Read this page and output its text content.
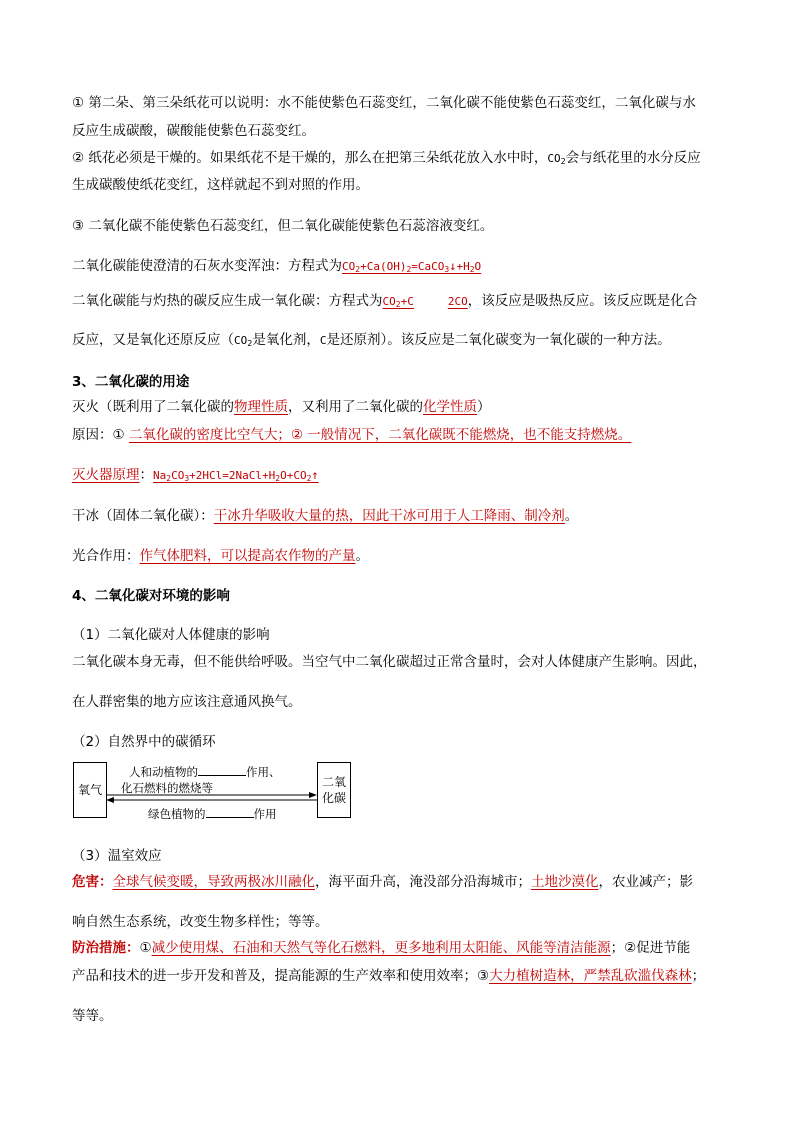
① 第二朵、第三朵纸花可以说明：水不能使紫色石蕊变红，二氧化碳不能使紫色石蕊变红，二氧化碳与水
反应生成碳酸，碳酸能使紫色石蕊变红。
② 纸花必须是干燥的。如果纸花不是干燥的，那么在把第三朵纸花放入水中时，$CO_2$会与纸花里的水分反应
生成碳酸使纸花变红，这样就起不到对照的作用。
③ 二氧化碳不能使紫色石蕊变红，但二氧化碳能使紫色石蕊溶液变红。
二氧化碳能使澄清的石灰水变浑浊：方程式为$CO_2+Ca(OH)_2=CaCO_3↓+H_2O$
二氧化碳能与灼热的碳反应生成一氧化碳：方程式为$CO_2+C$	2CO，该反应是吸热反应。该反应既是化合
反应，又是氧化还原反应（$CO_2$是氧化剂，C是还原剂）。该反应是二氧化碳变为一氧化碳的一种方法。
3、二氧化碳的用途
灭火（既利用了二氧化碳的物理性质，又利用了二氧化碳的化学性质）
原因：① 二氧化碳的密度比空气大；② 一般情况下，二氧化碳既不能燃烧，也不能支持燃烧。
灭火器原理：$Na_2CO_3+2HCl=2NaCl+H_2O+CO_2↑$
干冰（固体二氧化碳）：干冰升华吸收大量的热，因此干冰可用于人工降雨、制冷剂。
光合作用：作气体肥料，可以提高农作物的产量。
4、二氧化碳对环境的影响
（1）二氧化碳对人体健康的影响
二氧化碳本身无毒，但不能供给呼吸。当空气中二氧化碳超过正常含量时，会对人体健康产生影响。因此，
在人群密集的地方应该注意通风换气。
（2）自然界中的碳循环
氧气
二氧
化碳
人和动植物的	作用、
化石燃料的燃烧等
绿色植物的	作用
（3）温室效应
危害：全球气候变暖，导致两极冰川融化，海平面升高，淹没部分沿海城市；土地沙漠化，农业减产；影
响自然生态系统，改变生物多样性；等等。
防治措施：①减少使用煤、石油和天然气等化石燃料，更多地利用太阳能、风能等清洁能源；②促进节能
产品和技术的进一步开发和普及，提高能源的生产效率和使用效率；③大力植树造林，严禁乱砍滥伐森林；
等等。
